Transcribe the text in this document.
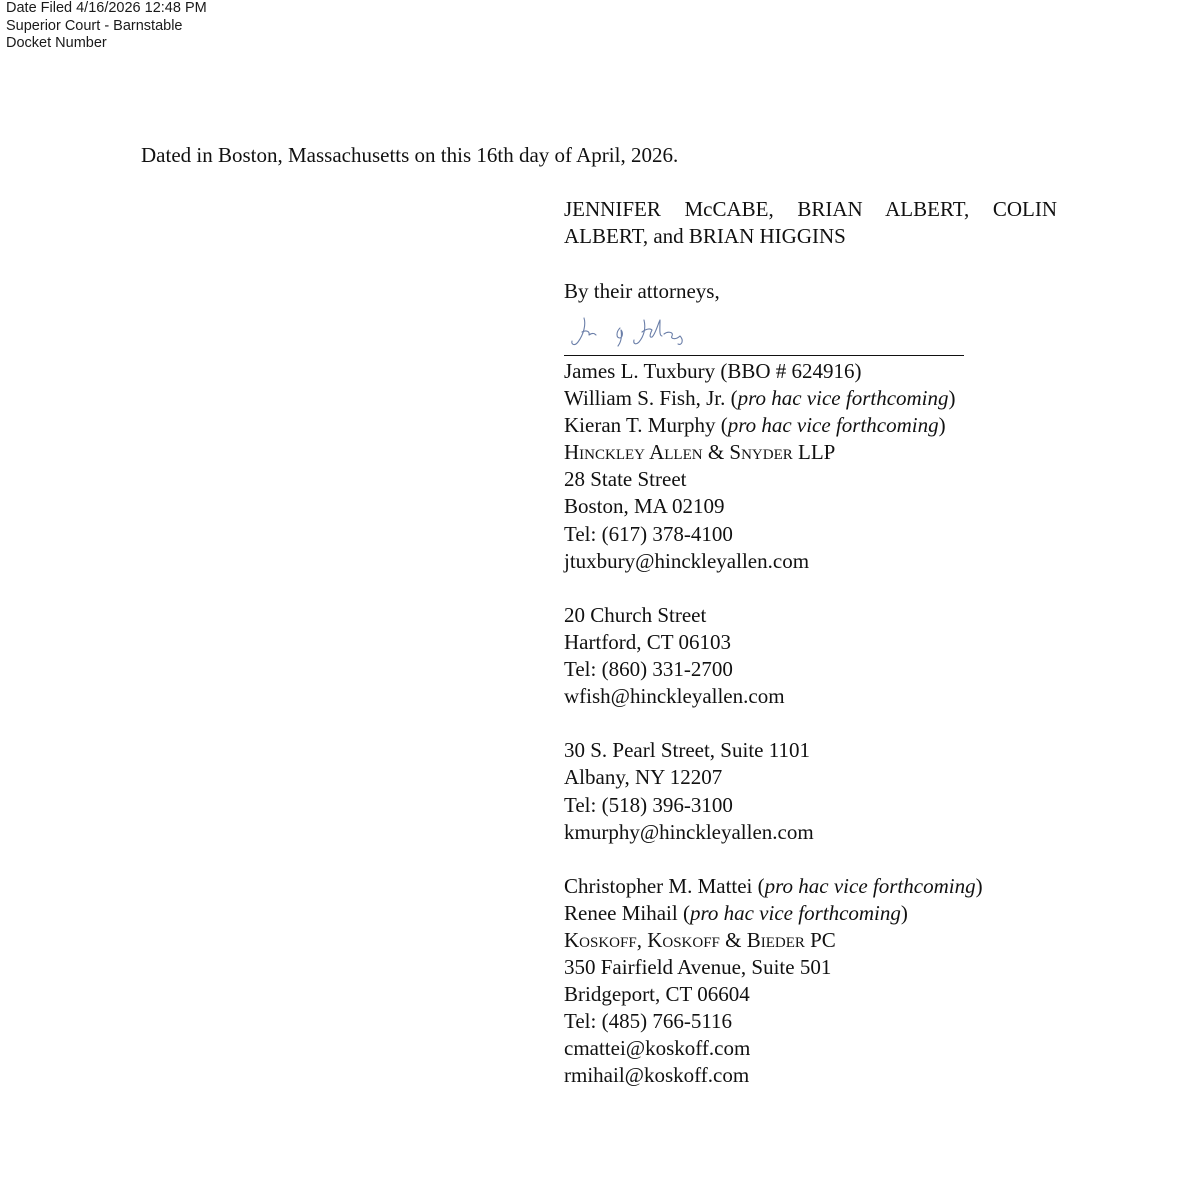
Date Filed 4/16/2026 12:48 PM
Superior Court - Barnstable
Docket Number
Dated in Boston, Massachusetts on this 16th day of April, 2026.
JENNIFER McCABE, BRIAN ALBERT, COLIN ALBERT, and BRIAN HIGGINS
By their attorneys,
James L. Tuxbury (BBO # 624916)
William S. Fish, Jr. (pro hac vice forthcoming)
Kieran T. Murphy (pro hac vice forthcoming)
Hinckley Allen & Snyder LLP
28 State Street
Boston, MA 02109
Tel: (617) 378-4100
jtuxbury@hinckleyallen.com
20 Church Street
Hartford, CT 06103
Tel: (860) 331-2700
wfish@hinckleyallen.com
30 S. Pearl Street, Suite 1101
Albany, NY 12207
Tel: (518) 396-3100
kmurphy@hinckleyallen.com
Christopher M. Mattei (pro hac vice forthcoming)
Renee Mihail (pro hac vice forthcoming)
Koskoff, Koskoff & Bieder PC
350 Fairfield Avenue, Suite 501
Bridgeport, CT 06604
Tel: (485) 766-5116
cmattei@koskoff.com
rmihail@koskoff.com
